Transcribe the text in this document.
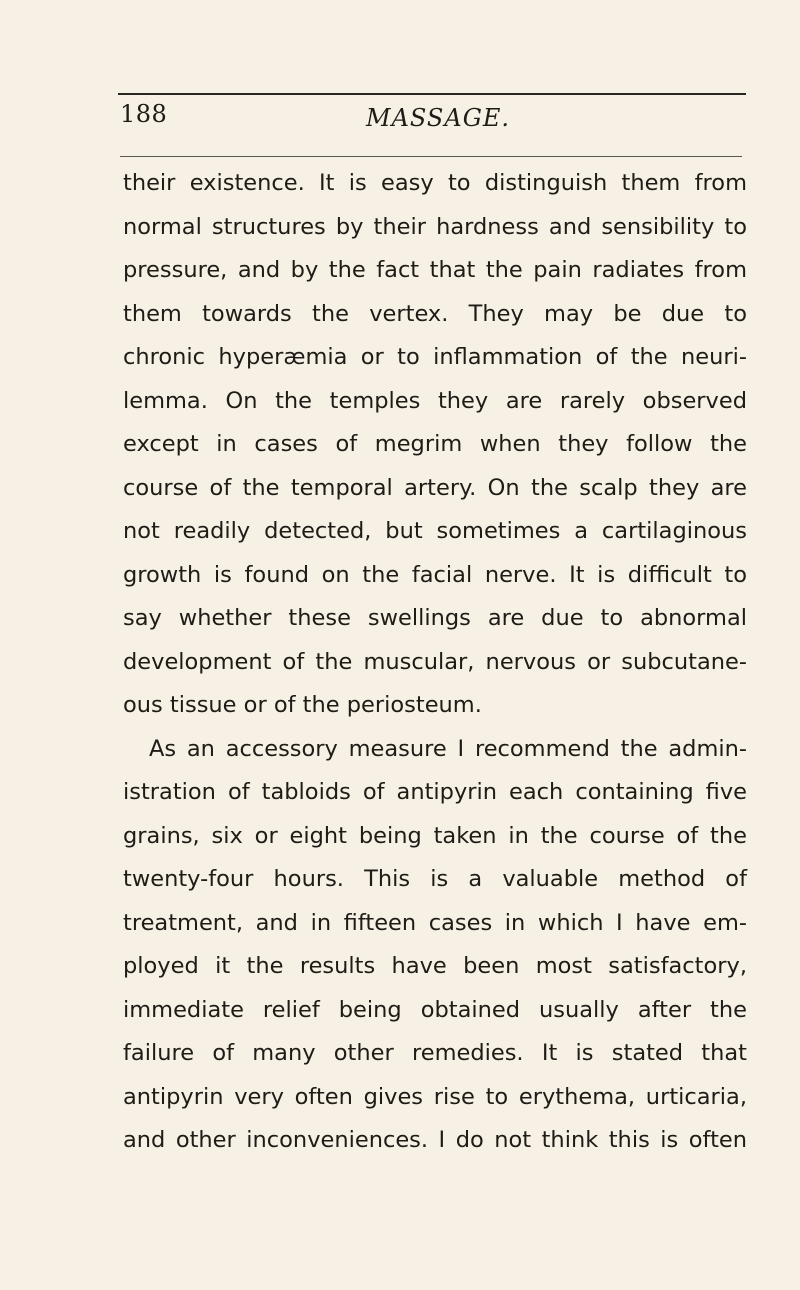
188	MASSAGE.
their existence. It is easy to distinguish them from
normal structures by their hardness and sensibility to
pressure, and by the fact that the pain radiates from
them towards the vertex. They may be due to
chronic hyperæmia or to inflammation of the neuri-
lemma. On the temples they are rarely observed
except in cases of megrim when they follow the
course of the temporal artery. On the scalp they are
not readily detected, but sometimes a cartilaginous
growth is found on the facial nerve. It is difficult to
say whether these swellings are due to abnormal
development of the muscular, nervous or subcutane-
ous tissue or of the periosteum.
As an accessory measure I recommend the admin-
istration of tabloids of antipyrin each containing five
grains, six or eight being taken in the course of the
twenty-four hours. This is a valuable method of
treatment, and in fifteen cases in which I have em-
ployed it the results have been most satisfactory,
immediate relief being obtained usually after the
failure of many other remedies. It is stated that
antipyrin very often gives rise to erythema, urticaria,
and other inconveniences. I do not think this is often
